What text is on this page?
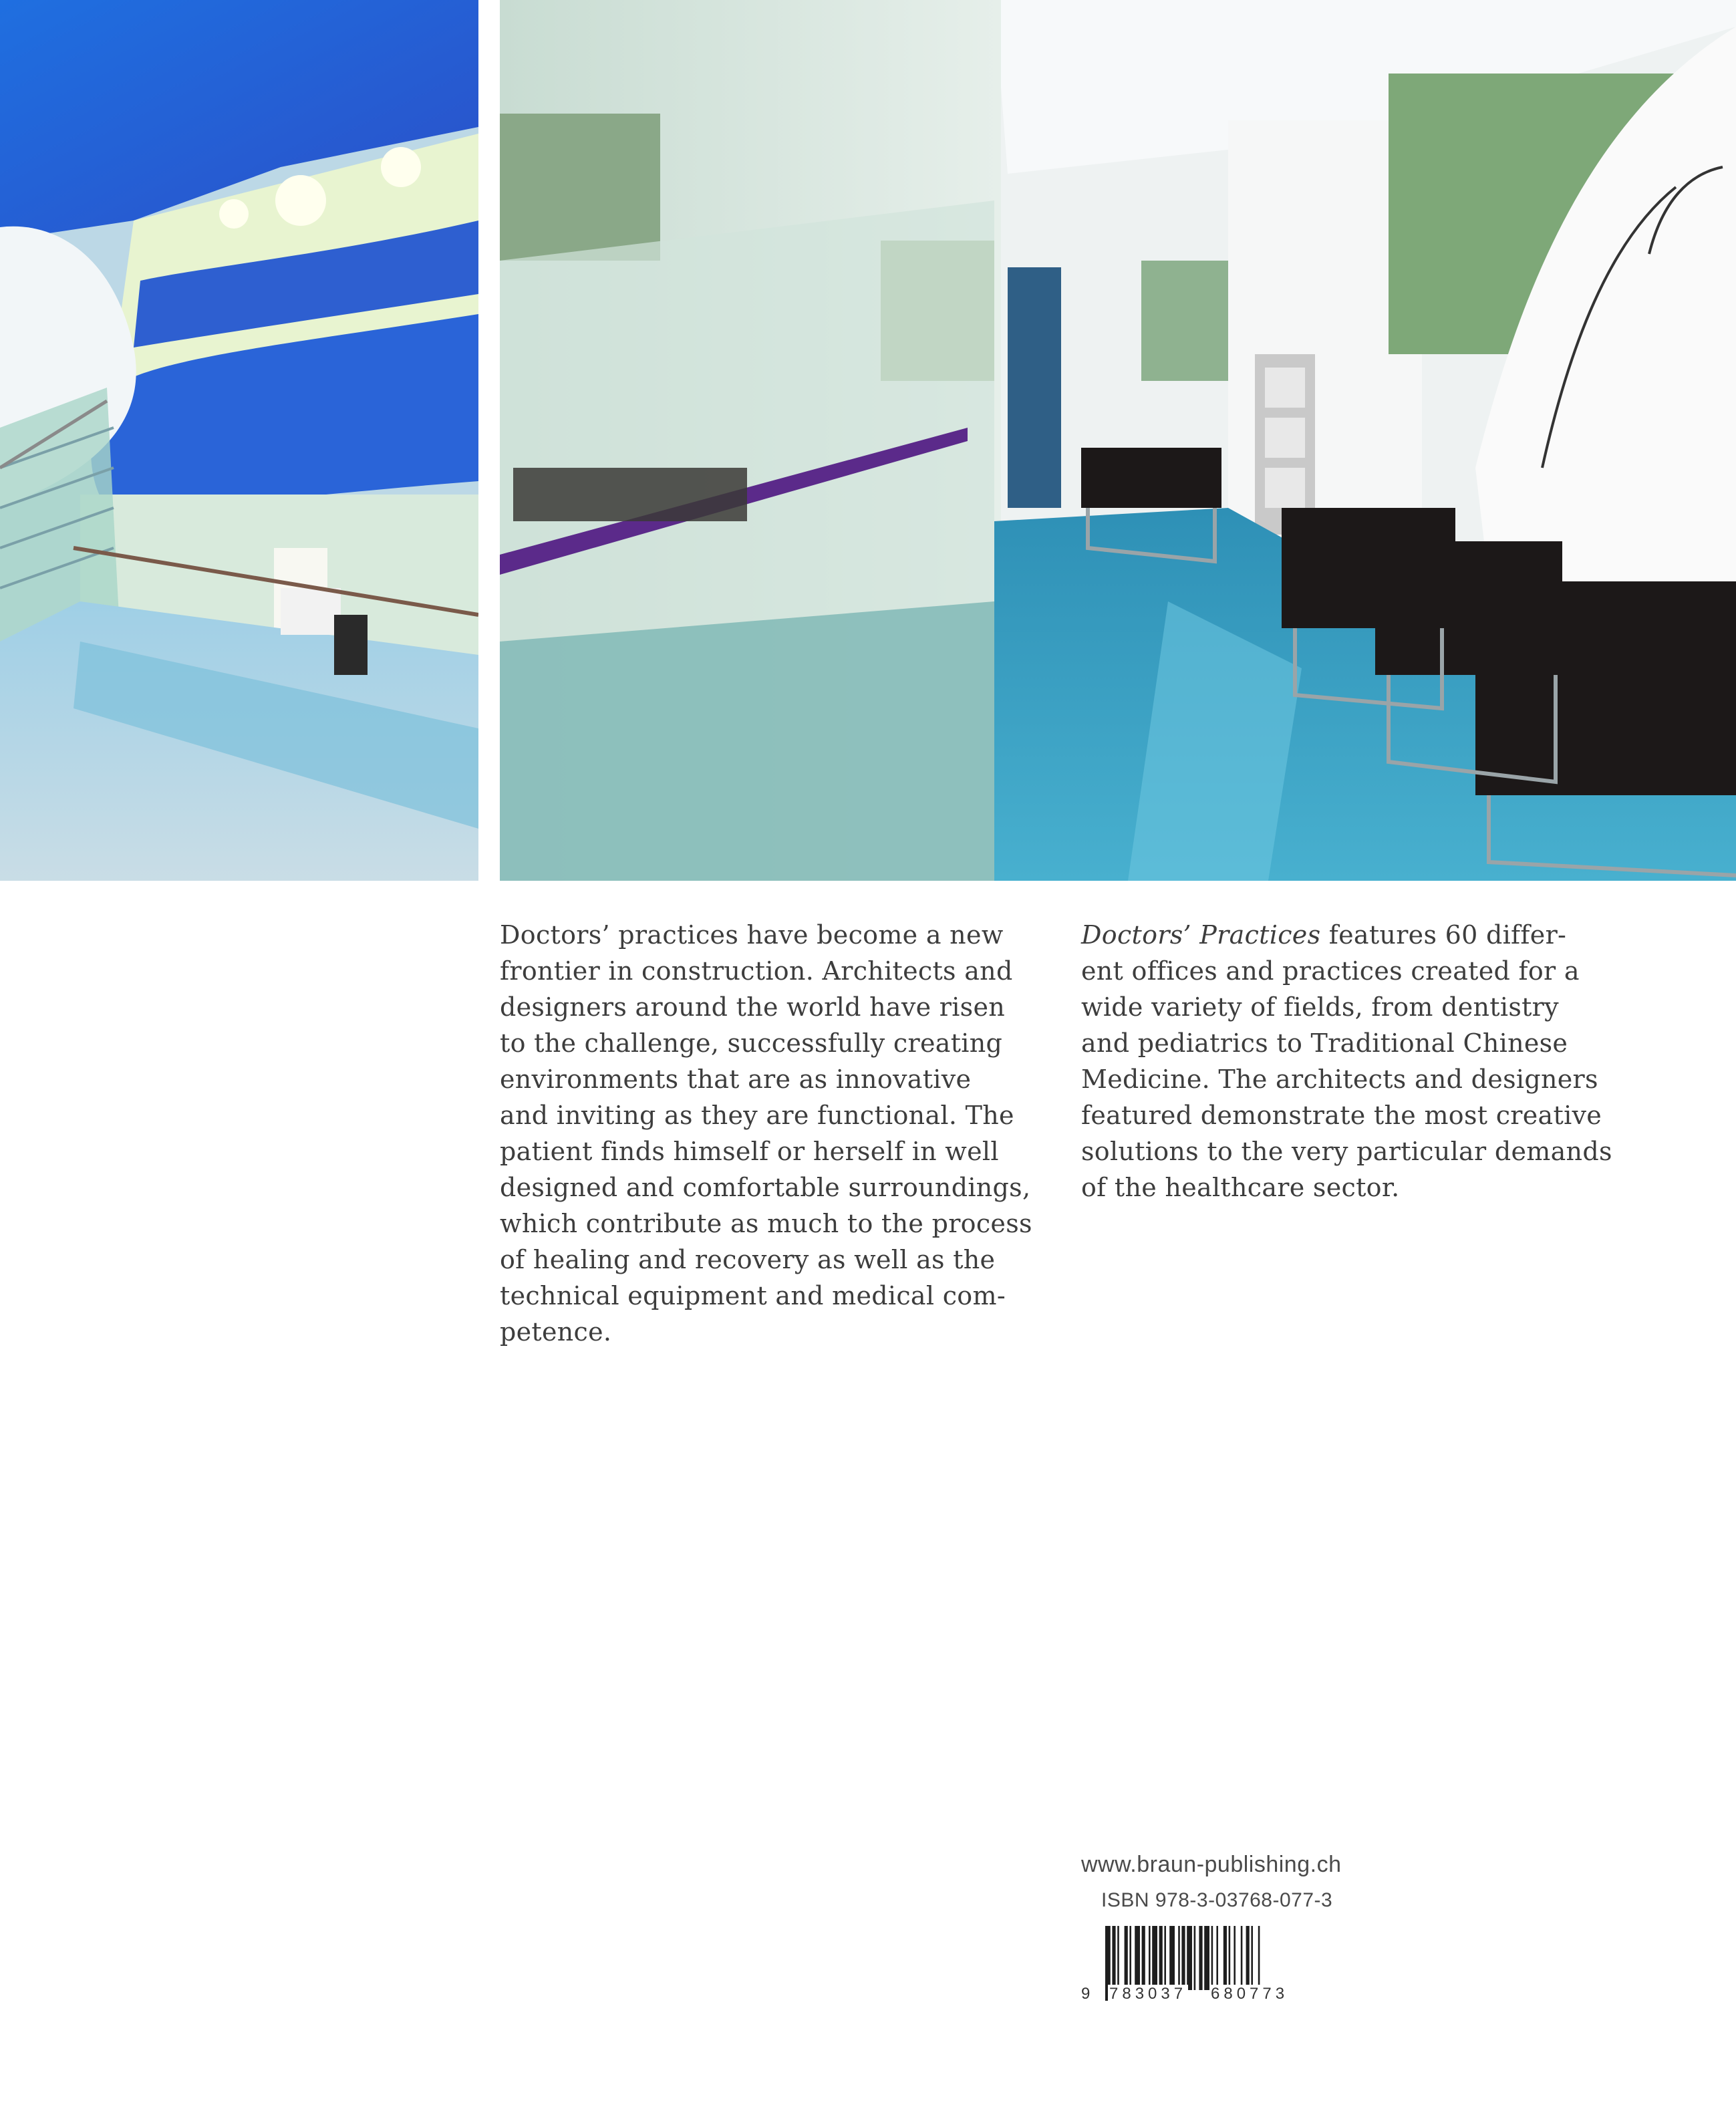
Doctors’ practices have become a new
frontier in construction. Architects and
designers around the world have risen
to the challenge, successfully creating
environments that are as innovative
and inviting as they are functional. The
patient finds himself or herself in well
designed and comfortable surroundings,
which contribute as much to the process
of healing and recovery as well as the
technical equipment and medical com-
petence.
Doctors’ Practices features 60 differ-
ent offices and practices created for a
wide variety of fields, from dentistry
and pediatrics to Traditional Chinese
Medicine. The architects and designers
featured demonstrate the most creative
solutions to the very particular demands
of the healthcare sector.
www.braun-publishing.ch
ISBN 978-3-03768-077-3
9 783037 680773
